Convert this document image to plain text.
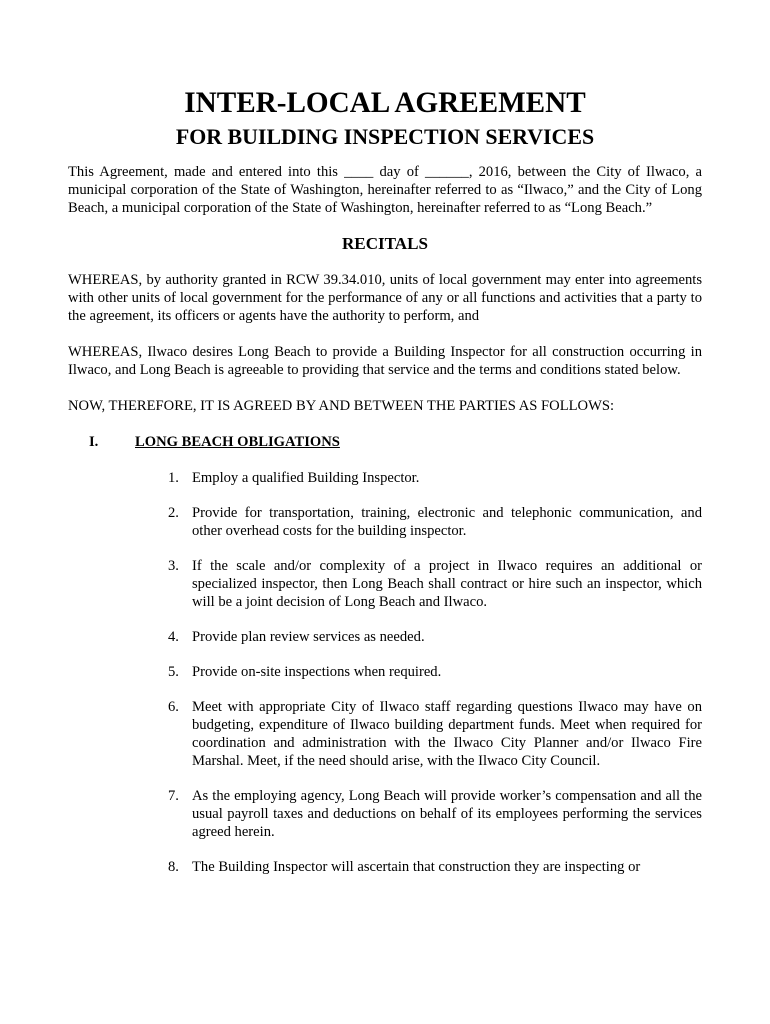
INTER-LOCAL AGREEMENT
FOR BUILDING INSPECTION SERVICES

This Agreement, made and entered into this ____ day of ______, 2016, between the City of Ilwaco, a municipal corporation of the State of Washington, hereinafter referred to as “Ilwaco,” and the City of Long Beach, a municipal corporation of the State of Washington, hereinafter referred to as “Long Beach.”

RECITALS

WHEREAS, by authority granted in RCW 39.34.010, units of local government may enter into agreements with other units of local government for the performance of any or all functions and activities that a party to the agreement, its officers or agents have the authority to perform, and

WHEREAS, Ilwaco desires Long Beach to provide a Building Inspector for all construction occurring in Ilwaco, and Long Beach is agreeable to providing that service and the terms and conditions stated below.

NOW, THEREFORE, IT IS AGREED BY AND BETWEEN THE PARTIES AS FOLLOWS:

I.	LONG BEACH OBLIGATIONS
1. Employ a qualified Building Inspector.
2. Provide for transportation, training, electronic and telephonic communication, and other overhead costs for the building inspector.
3. If the scale and/or complexity of a project in Ilwaco requires an additional or specialized inspector, then Long Beach shall contract or hire such an inspector, which will be a joint decision of Long Beach and Ilwaco.
4. Provide plan review services as needed.
5. Provide on-site inspections when required.
6. Meet with appropriate City of Ilwaco staff regarding questions Ilwaco may have on budgeting, expenditure of Ilwaco building department funds. Meet when required for coordination and administration with the Ilwaco City Planner and/or Ilwaco Fire Marshal. Meet, if the need should arise, with the Ilwaco City Council.
7. As the employing agency, Long Beach will provide worker’s compensation and all the usual payroll taxes and deductions on behalf of its employees performing the services agreed herein.
8. The Building Inspector will ascertain that construction they are inspecting or
